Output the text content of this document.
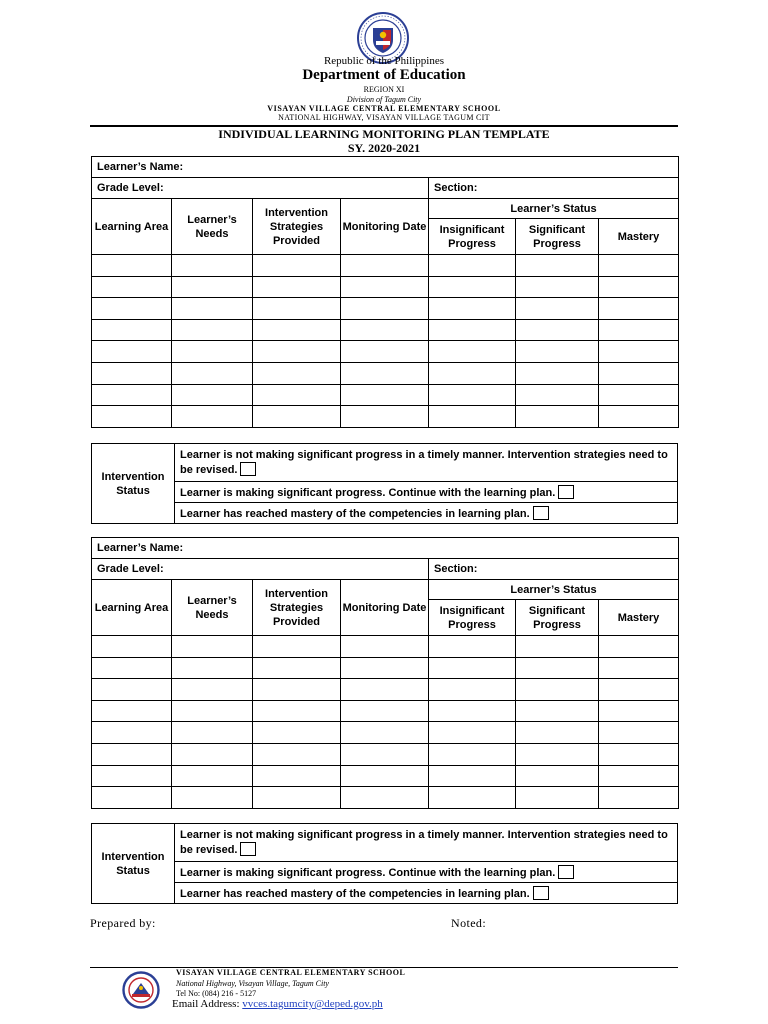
Republic of the Philippines
Department of Education
REGION XI
Division of Tagum City
VISAYAN VILLAGE CENTRAL ELEMENTARY SCHOOL
NATIONAL HIGHWAY, VISAYAN VILLAGE TAGUM CIT
INDIVIDUAL LEARNING MONITORING PLAN TEMPLATE
SY. 2020-2021
Learner’s Name:						
Grade Level:				Section:		
Learning Area	Learner’s Needs	Intervention Strategies Provided	Monitoring Date	Learner’s Status		
				Insignificant Progress	Significant Progress	Mastery

Intervention Status	Learner is not making significant progress in a timely manner. Intervention strategies need to be revised.
Learner is making significant progress. Continue with the learning plan.
Learner has reached mastery of the competencies in learning plan.
Learner’s Name:						
Grade Level:				Section:		
Learning Area	Learner’s Needs	Intervention Strategies Provided	Monitoring Date	Learner’s Status		
				Insignificant Progress	Significant Progress	Mastery

Intervention Status	Learner is not making significant progress in a timely manner. Intervention strategies need to be revised.
Learner is making significant progress. Continue with the learning plan.
Learner has reached mastery of the competencies in learning plan.
Prepared by:	Noted:
VISAYAN VILLAGE CENTRAL ELEMENTARY SCHOOL
National Highway, Visayan Village, Tagum City
Tel No: (084) 216 - 5127
Email Address: vvces.tagumcity@deped.gov.ph
